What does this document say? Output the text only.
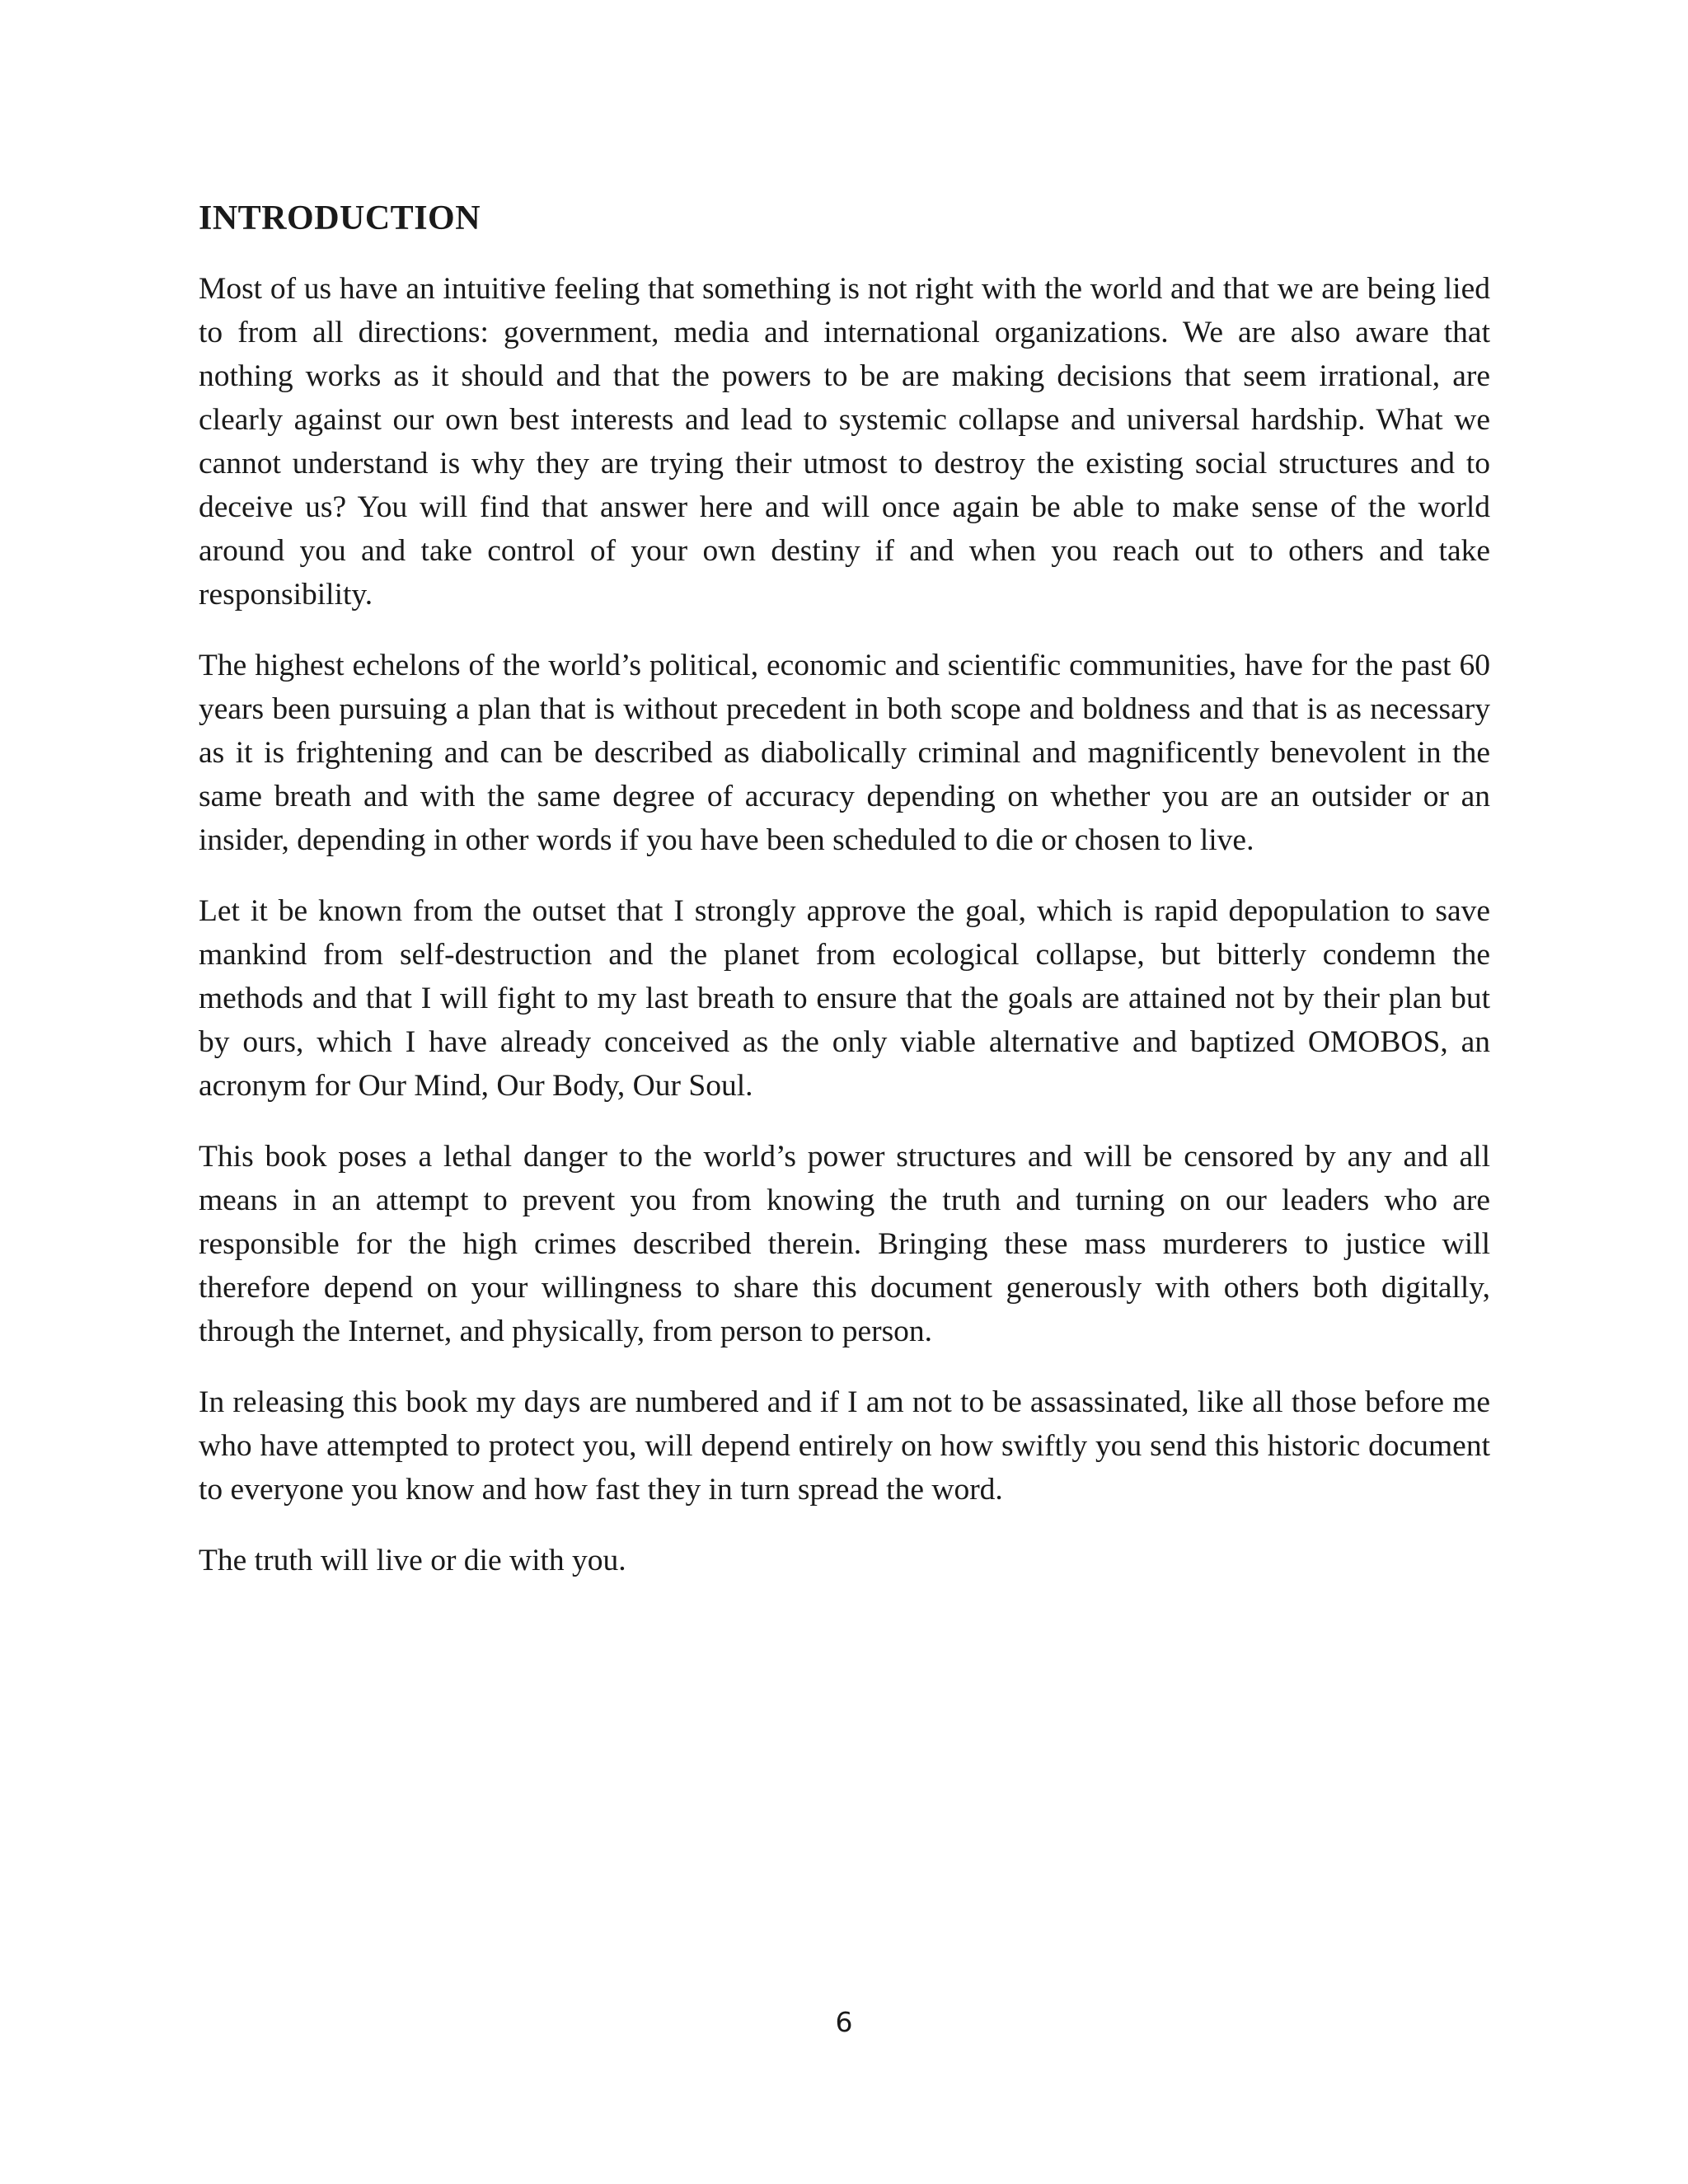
INTRODUCTION

Most of us have an intuitive feeling that something is not right with the world and that we are being lied to from all directions: government, media and international organizations. We are also aware that nothing works as it should and that the powers to be are making decisions that seem irrational, are clearly against our own best interests and lead to systemic collapse and universal hardship. What we cannot understand is why they are trying their utmost to destroy the existing social structures and to deceive us? You will find that answer here and will once again be able to make sense of the world around you and take control of your own destiny if and when you reach out to others and take responsibility.

The highest echelons of the world’s political, economic and scientific communities, have for the past 60 years been pursuing a plan that is without precedent in both scope and boldness and that is as necessary as it is frightening and can be described as diabolically criminal and magnificently benevolent in the same breath and with the same degree of accuracy depending on whether you are an outsider or an insider, depending in other words if you have been scheduled to die or chosen to live.

Let it be known from the outset that I strongly approve the goal, which is rapid depopulation to save mankind from self-destruction and the planet from ecological collapse, but bitterly condemn the methods and that I will fight to my last breath to ensure that the goals are attained not by their plan but by ours, which I have already conceived as the only viable alternative and baptized OMOBOS, an acronym for Our Mind, Our Body, Our Soul.

This book poses a lethal danger to the world’s power structures and will be censored by any and all means in an attempt to prevent you from knowing the truth and turning on our leaders who are responsible for the high crimes described therein. Bringing these mass murderers to justice will therefore depend on your willingness to share this document generously with others both digitally, through the Internet, and physically, from person to person.

In releasing this book my days are numbered and if I am not to be assassinated, like all those before me who have attempted to protect you, will depend entirely on how swiftly you send this historic document to everyone you know and how fast they in turn spread the word.

The truth will live or die with you.

6
